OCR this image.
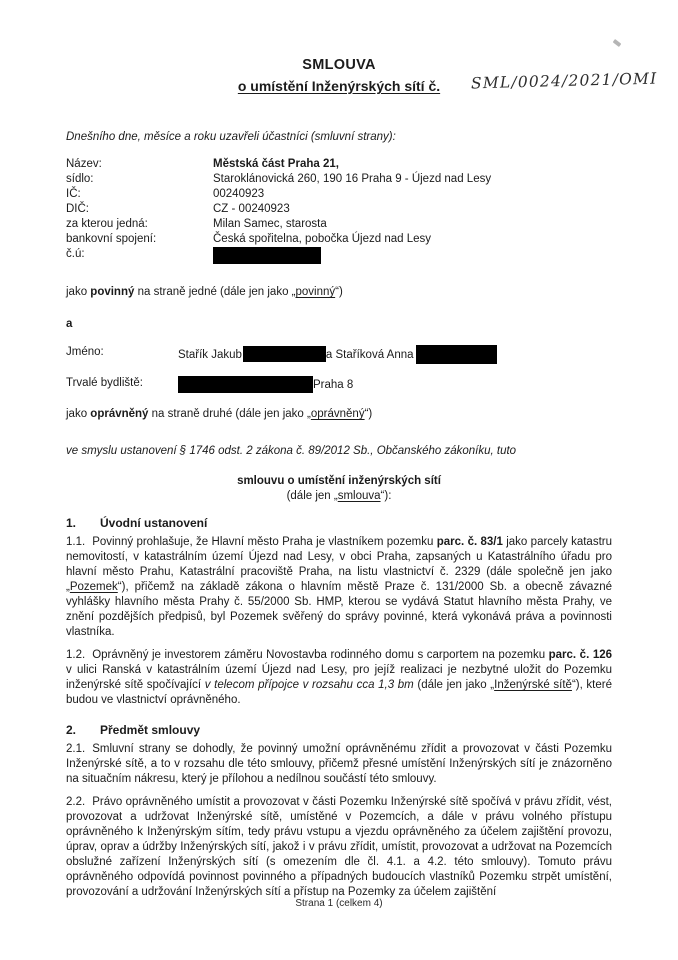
SMLOUVA
o umístění Inženýrských sítí č. SML/0024/2021/OMI
Dnešního dne, měsíce a roku uzavřeli účastníci (smluvní strany):
Název:	Městská část Praha 21,
sídlo:	Staroklánovická 260, 190 16 Praha 9 - Újezd nad Lesy
IČ:	00240923
DIČ:	CZ - 00240923
za kterou jedná:	Milan Samec, starosta
bankovní spojení:	Česká spořitelna, pobočka Újezd nad Lesy
č.ú:
jako povinný na straně jedné (dále jen jako „povinný“)
a
Jméno:	Stařík Jakub	a Staříková Anna
Trvalé bydliště:	Praha 8
jako oprávněný na straně druhé (dále jen jako „oprávněný“)
ve smyslu ustanovení § 1746 odst. 2 zákona č. 89/2012 Sb., Občanského zákoníku, tuto
smlouvu o umístění inženýrských sítí
(dále jen „smlouva“):
1. Úvodní ustanovení

1.1. Povinný prohlašuje, že Hlavní město Praha je vlastníkem pozemku parc. č. 83/1 jako parcely katastru nemovitostí, v katastrálním území Újezd nad Lesy, v obci Praha, zapsaných u Katastrálního úřadu pro hlavní město Prahu, Katastrální pracoviště Praha, na listu vlastnictví č. 2329 (dále společně jen jako „Pozemek“), přičemž na základě zákona o hlavním městě Praze č. 131/2000 Sb. a obecně závazné vyhlášky hlavního města Prahy č. 55/2000 Sb. HMP, kterou se vydává Statut hlavního města Prahy, ve znění pozdějších předpisů, byl Pozemek svěřený do správy povinné, která vykonává práva a povinnosti vlastníka.

1.2. Oprávněný je investorem záměru Novostavba rodinného domu s carportem na pozemku parc. č. 126 v ulici Ranská v katastrálním území Újezd nad Lesy, pro jejíž realizaci je nezbytné uložit do Pozemku inženýrské sítě spočívající v telecom přípojce v rozsahu cca 1,3 bm (dále jen jako „Inženýrské sítě“), které budou ve vlastnictví oprávněného.

2. Předmět smlouvy

2.1. Smluvní strany se dohodly, že povinný umožní oprávněnému zřídit a provozovat v části Pozemku Inženýrské sítě, a to v rozsahu dle této smlouvy, přičemž přesné umístění Inženýrských sítí je znázorněno na situačním nákresu, který je přílohou a nedílnou součástí této smlouvy.

2.2. Právo oprávněného umístit a provozovat v části Pozemku Inženýrské sítě spočívá v právu zřídit, vést, provozovat a udržovat Inženýrské sítě, umístěné v Pozemcích, a dále v právu volného přístupu oprávněného k Inženýrským sítím, tedy právu vstupu a vjezdu oprávněného za účelem zajištění provozu, úprav, oprav a údržby Inženýrských sítí, jakož i v právu zřídit, umístit, provozovat a udržovat na Pozemcích obslužné zařízení Inženýrských sítí (s omezením dle čl. 4.1. a 4.2. této smlouvy). Tomuto právu oprávněného odpovídá povinnost povinného a případných budoucích vlastníků Pozemku strpět umístění, provozování a udržování Inženýrských sítí a přístup na Pozemky za účelem zajištění

Strana 1 (celkem 4)
